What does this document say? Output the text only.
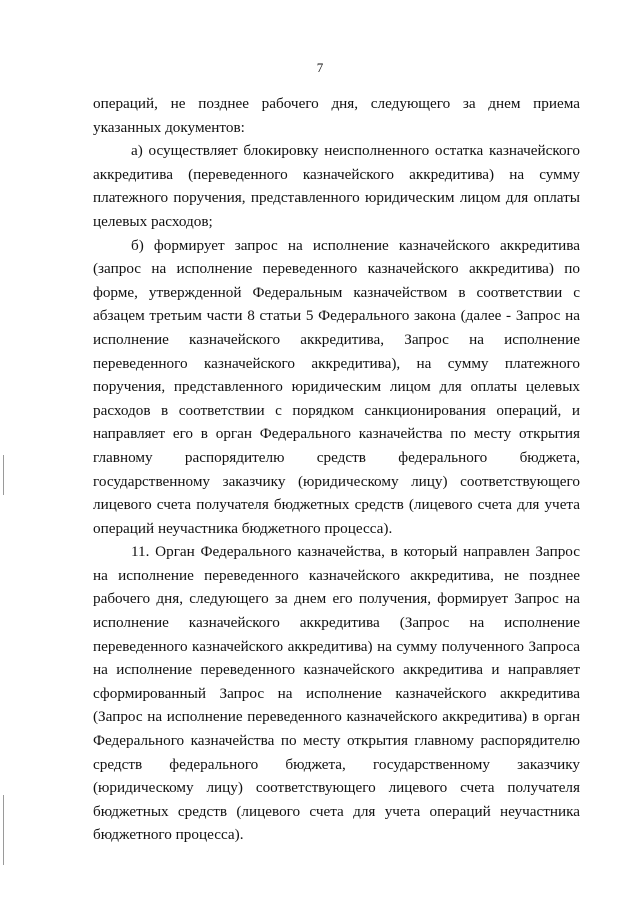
7

операций, не позднее рабочего дня, следующего за днем приема указанных документов:

а) осуществляет блокировку неисполненного остатка казначейского аккредитива (переведенного казначейского аккредитива) на сумму платежного поручения, представленного юридическим лицом для оплаты целевых расходов;

б) формирует запрос на исполнение казначейского аккредитива (запрос на исполнение переведенного казначейского аккредитива) по форме, утвержденной Федеральным казначейством в соответствии с абзацем третьим части 8 статьи 5 Федерального закона (далее - Запрос на исполнение казначейского аккредитива, Запрос на исполнение переведенного казначейского аккредитива), на сумму платежного поручения, представленного юридическим лицом для оплаты целевых расходов в соответствии с порядком санкционирования операций, и направляет его в орган Федерального казначейства по месту открытия главному распорядителю средств федерального бюджета, государственному заказчику (юридическому лицу) соответствующего лицевого счета получателя бюджетных средств (лицевого счета для учета операций неучастника бюджетного процесса).

11. Орган Федерального казначейства, в который направлен Запрос на исполнение переведенного казначейского аккредитива, не позднее рабочего дня, следующего за днем его получения, формирует Запрос на исполнение казначейского аккредитива (Запрос на исполнение переведенного казначейского аккредитива) на сумму полученного Запроса на исполнение переведенного казначейского аккредитива и направляет сформированный Запрос на исполнение казначейского аккредитива (Запрос на исполнение переведенного казначейского аккредитива) в орган Федерального казначейства по месту открытия главному распорядителю средств федерального бюджета, государственному заказчику (юридическому лицу) соответствующего лицевого счета получателя бюджетных средств (лицевого счета для учета операций неучастника бюджетного процесса).
